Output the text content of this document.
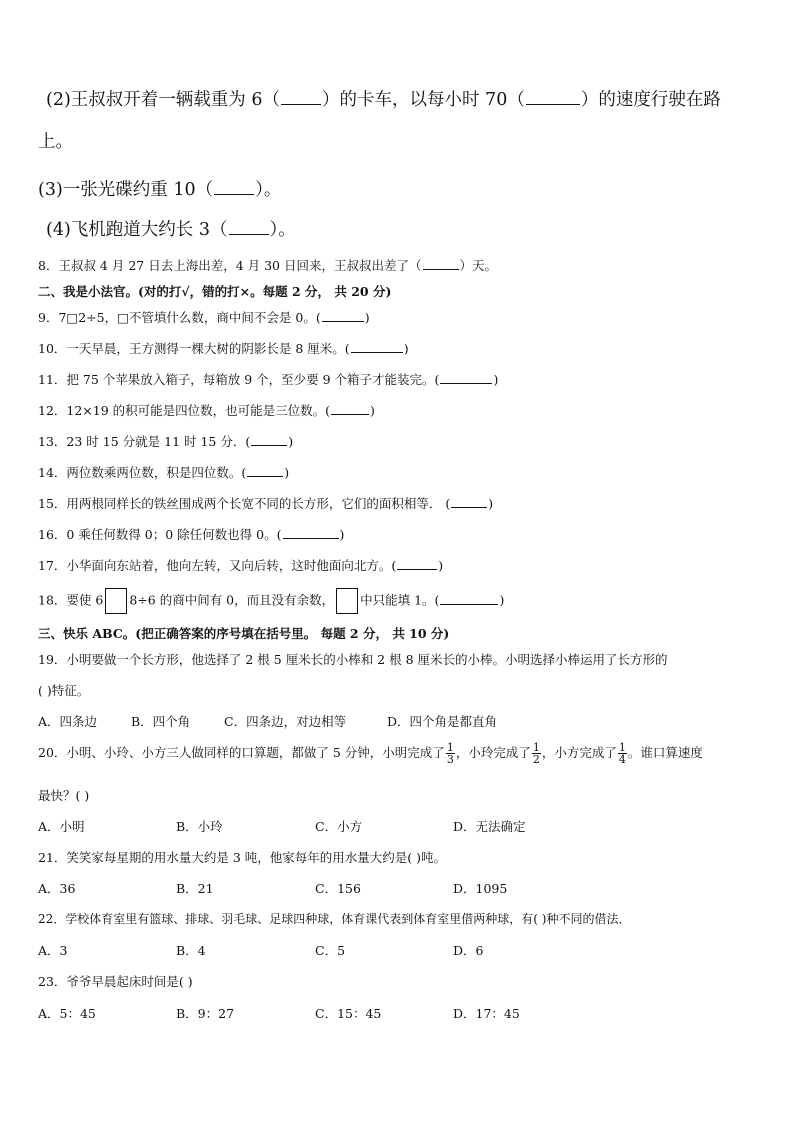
(2)王叔叔开着一辆载重为 6（ ）的卡车，以每小时 70（	）的速度行驶在路
上。
(3)一张光碟约重 10（ ）。
(4)飞机跑道大约长 3（ ）。
8．王叔叔 4 月 27 日去上海出差，4 月 30 日回来，王叔叔出差了（	）天。
二、我是小法官。(对的打√，错的打×。每题 2 分， 共 20 分)
9．7□2÷5，□不管填什么数，商中间不会是 0。(	)
10．一天早晨，王方测得一棵大树的阴影长是 8 厘米。(	)
11．把 75 个苹果放入箱子，每箱放 9 个，至少要 9 个箱子才能装完。(	)
12．12×19 的积可能是四位数，也可能是三位数。(	)
13．23 时 15 分就是 11 时 15 分．(	)
14．两位数乘两位数，积是四位数。(	)
15．用两根同样长的铁丝围成两个长宽不同的长方形，它们的面积相等． (	)
16．0 乘任何数得 0；0 除任何数也得 0。(	)
17．小华面向东站着，他向左转，又向后转，这时他面向北方。(	)
18．要使 6 8÷6 的商中间有 0，而且没有余数， 中只能填 1。(	)
三、快乐 ABC。(把正确答案的序号填在括号里。 每题 2 分， 共 10 分)
19．小明要做一个长方形，他选择了 2 根 5 厘米长的小棒和 2 根 8 厘米长的小棒。小明选择小棒运用了长方形的
( )特征。
A．四条边	B．四个角	C．四条边，对边相等	D．四个角是都直角
20．小明、小玲、小方三人做同样的口算题，都做了 5 分钟，小明完成了 $\frac{1}{3}$ ，小玲完成了 $\frac{1}{2}$ ，小方完成了 $\frac{1}{4}$ 。谁口算速度
最快？( )
A．小明	B．小玲	C．小方	D．无法确定
21．笑笑家每星期的用水量大约是 3 吨，他家每年的用水量大约是( )吨。
A．36	B．21	C．156	D．1095
22．学校体育室里有篮球、排球、羽毛球、足球四种球，体育课代表到体育室里借两种球，有( )种不同的借法．
A．3	B．4	C．5	D．6
23．爷爷早晨起床时间是( )
A．5：45	B．9：27	C．15：45	D．17：45
